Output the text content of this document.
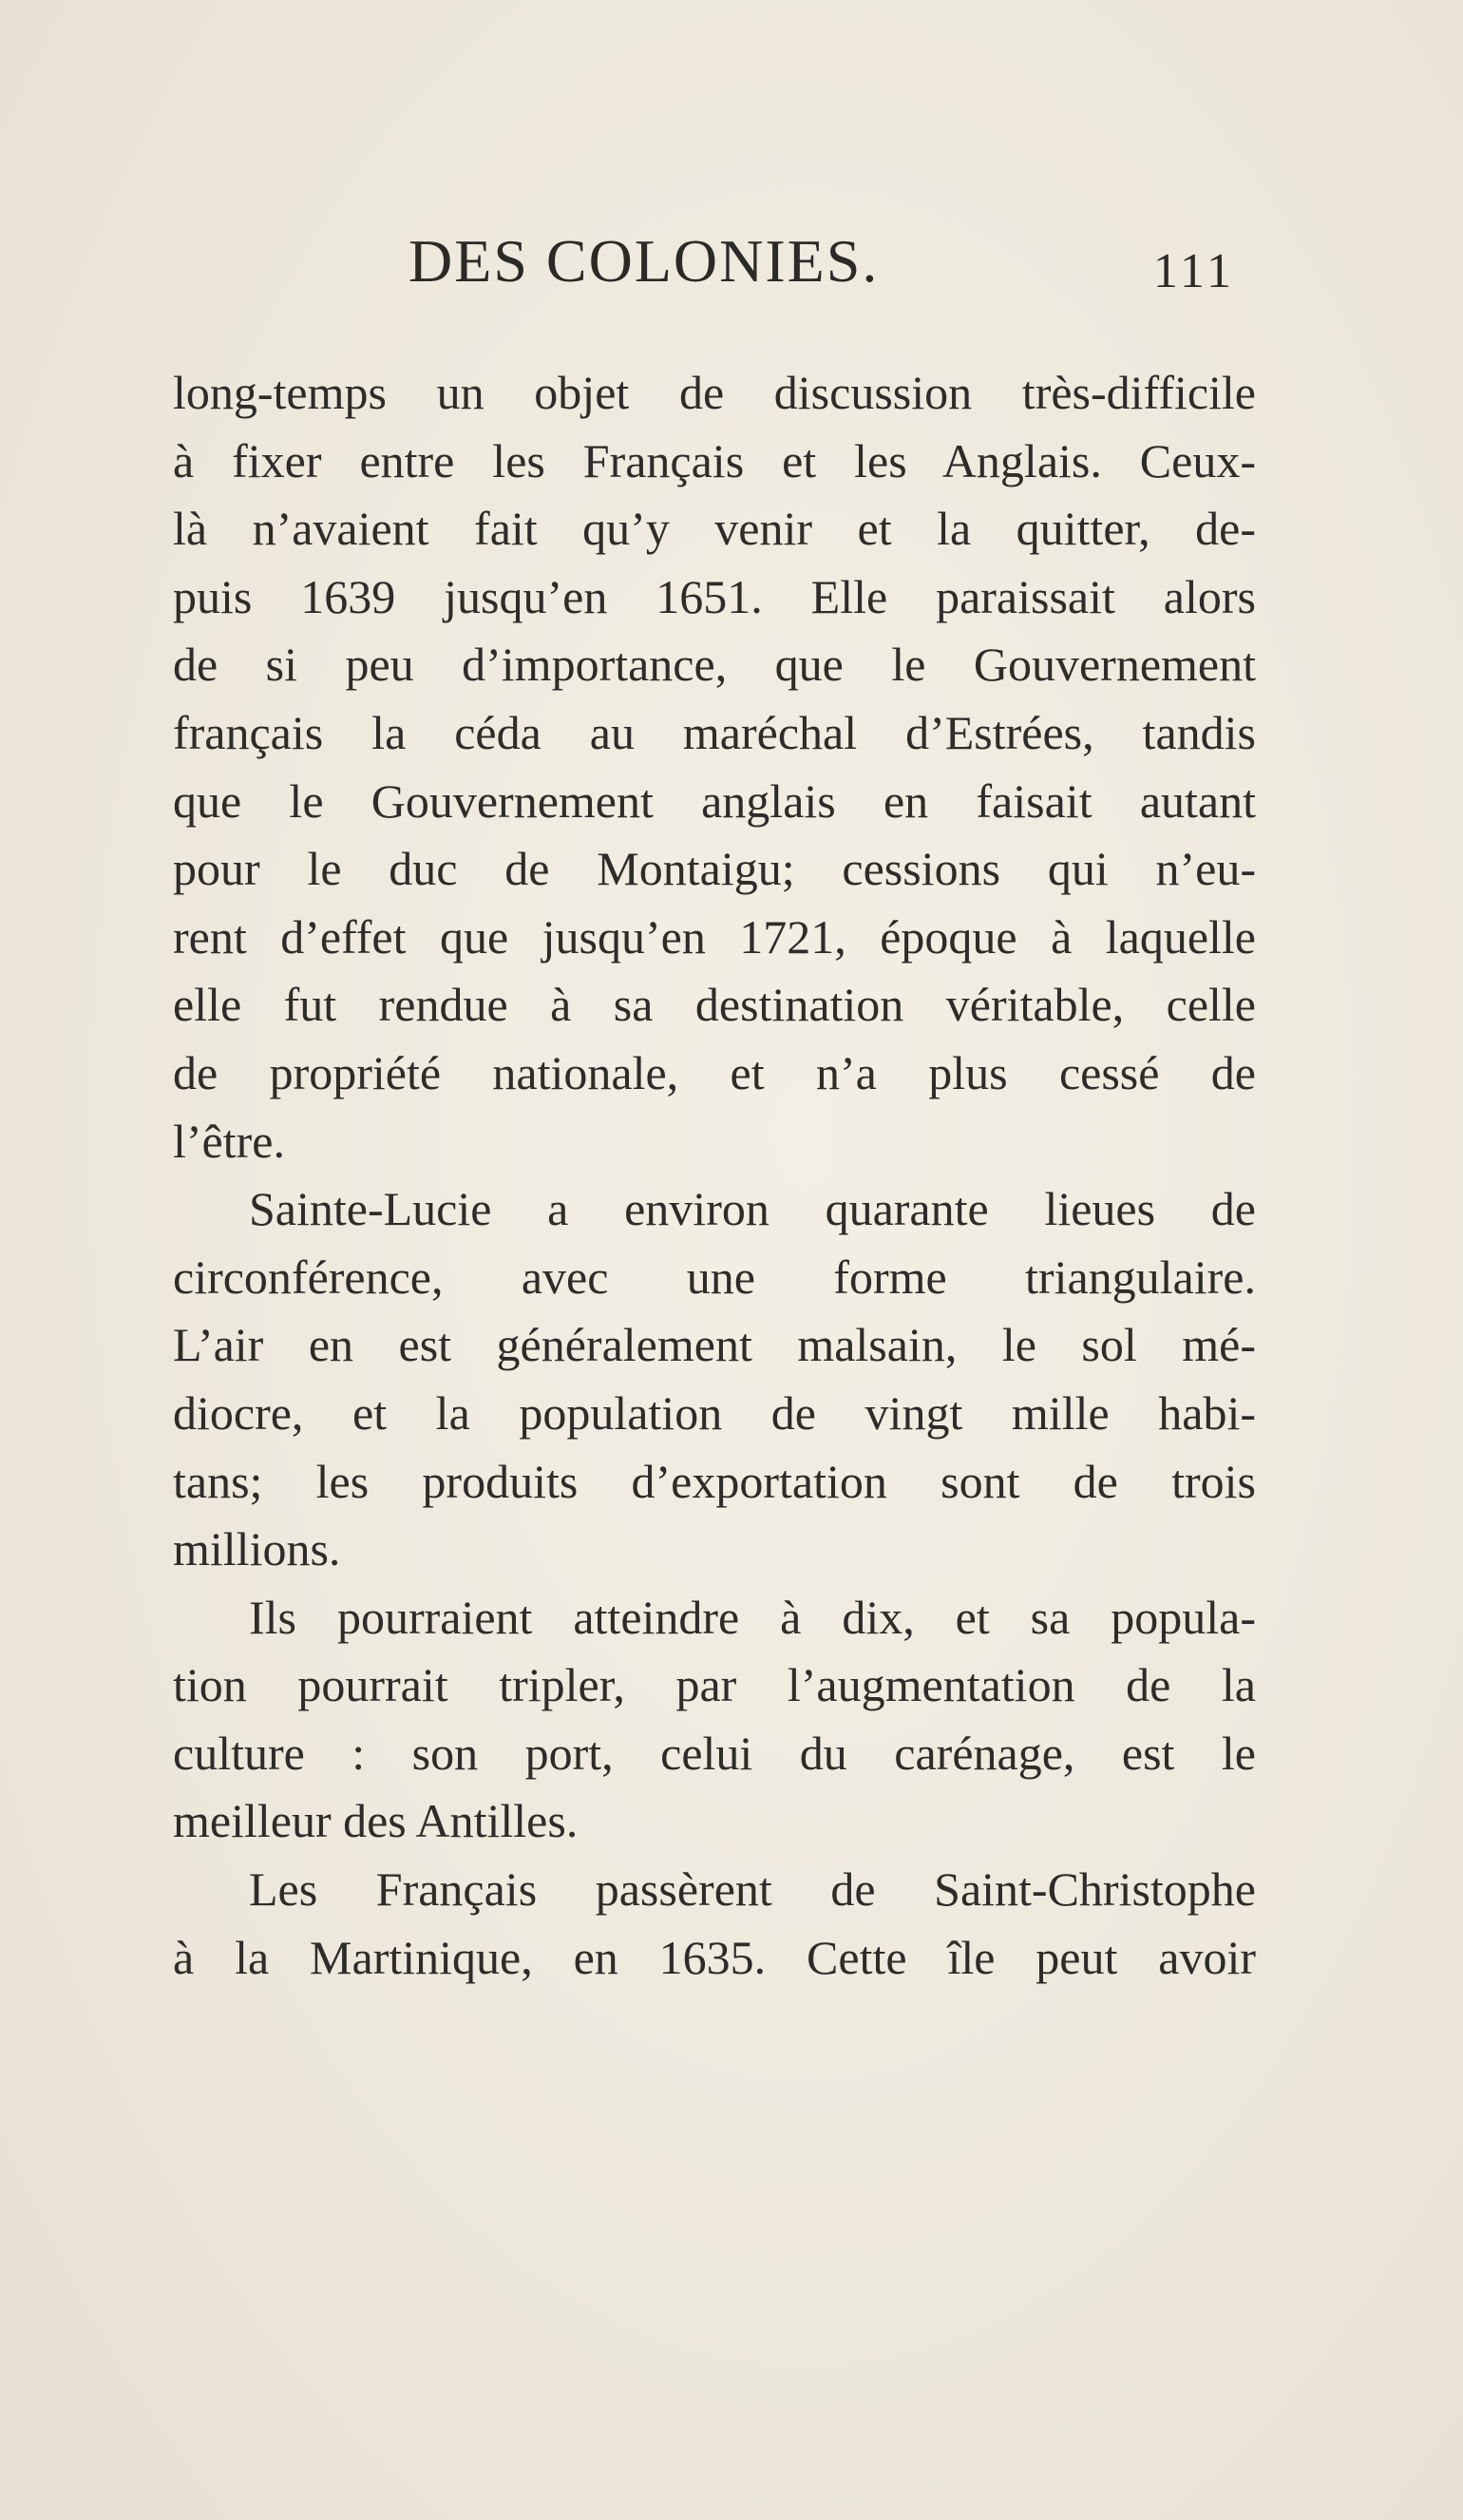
DES COLONIES.	111
long-temps un objet de discussion très-difficile
à fixer entre les Français et les Anglais. Ceux-
là n’avaient fait qu’y venir et la quitter, de-
puis 1639 jusqu’en 1651. Elle paraissait alors
de si peu d’importance, que le Gouvernement
français la céda au maréchal d’Estrées, tandis
que le Gouvernement anglais en faisait autant
pour le duc de Montaigu; cessions qui n’eu-
rent d’effet que jusqu’en 1721, époque à laquelle
elle fut rendue à sa destination véritable, celle
de propriété nationale, et n’a plus cessé de
l’être.
Sainte-Lucie a environ quarante lieues de
circonférence, avec une forme triangulaire.
L’air en est généralement malsain, le sol mé-
diocre, et la population de vingt mille habi-
tans; les produits d’exportation sont de trois
millions.
Ils pourraient atteindre à dix, et sa popula-
tion pourrait tripler, par l’augmentation de la
culture : son port, celui du carénage, est le
meilleur des Antilles.
Les Français passèrent de Saint-Christophe
à la Martinique, en 1635. Cette île peut avoir
